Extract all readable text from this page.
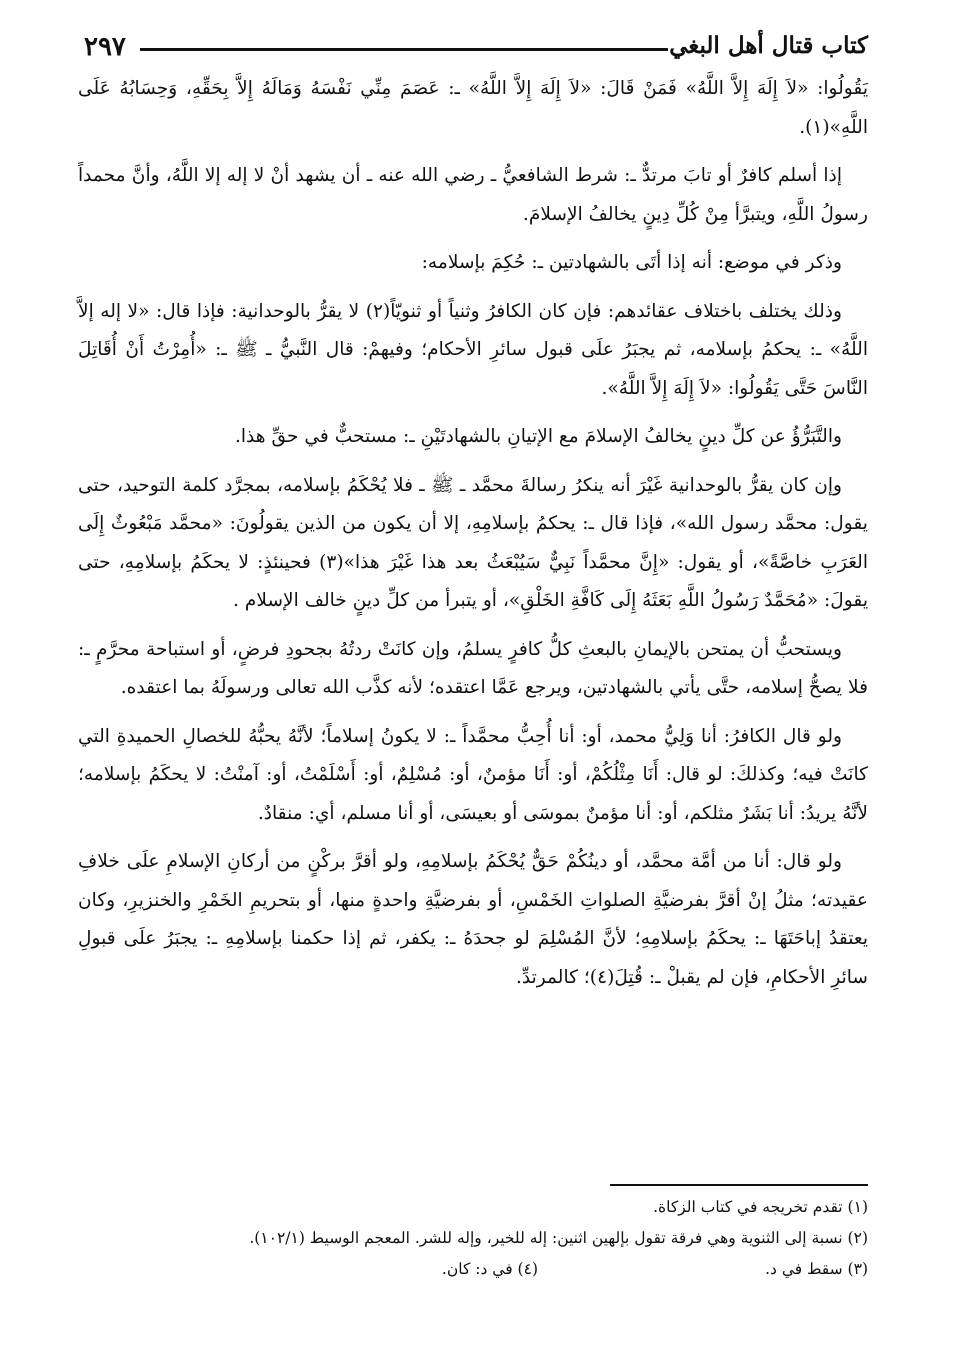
٢٩٧	كتاب قتال أهل البغي

يَقُولُوا: «لاَ إِلَهَ إِلاَّ اللَّهُ» فَمَنْ قَالَ: «لاَ إِلَهَ إِلاَّ اللَّهُ» ـ: عَصَمَ مِنِّي نَفْسَهُ وَمَالَهُ إِلاَّ بِحَقِّهِ، وَحِسَابُهُ عَلَى اللَّهِ»(١).

إذا أسلم كافرٌ أو تابَ مرتدٌّ ـ: شرط الشافعيُّ ـ رضي الله عنه ـ أن يشهد أنْ لا إله إلا اللَّهُ، وأنَّ محمداً رسولُ اللَّهِ، ويتبرَّأ مِنْ كُلِّ دِينٍ يخالفُ الإسلامَ.

وذكر في موضع: أنه إذا أتَى بالشهادتين ـ: حُكِمَ بإسلامه:

وذلك يختلف باختلاف عقائدهم: فإن كان الكافرُ وثنياً أو ثنويّاً(٢) لا يقرُّ بالوحدانية: فإذا قال: «لا إله إلاَّ اللَّهُ» ـ: يحكمُ بإسلامه، ثم يجبَرُ علَى قبول سائرِ الأحكام؛ وفيهمْ: قال النَّبيُّ ـ ﷺ ـ: «أُمِرْتُ أَنْ أُقَاتِلَ النَّاسَ حَتَّى يَقُولُوا: «لاَ إِلَهَ إِلاَّ اللَّهُ».

والتَّبَرُّؤُ عن كلِّ دينٍ يخالفُ الإسلامَ مع الإتيانِ بالشهادتَيْنِ ـ: مستحبٌّ في حقِّ هذا.

وإن كان يقرُّ بالوحدانية غَيْرَ أنه ينكرُ رسالةَ محمَّد ـ ﷺ ـ فلا يُحْكَمُ بإسلامه، بمجرَّد كلمة التوحيد، حتى يقول: محمَّد رسول الله»، فإذا قال ـ: يحكمُ بإسلامِهِ، إلا أن يكون من الذين يقولُونَ: «محمَّد مَبْعُوثٌ إِلَى العَرَبِ خاصَّةً»، أو يقول: «إِنَّ محمَّداً نَبِيٌّ سَيُبْعَثُ بعد هذا غَيْرَ هذا»(٣) فحينئذٍ: لا يحكَمُ بإسلامِهِ، حتى يقولَ: «مُحَمَّدٌ رَسُولُ اللَّهِ بَعَثَهُ إِلَى كَافَّةِ الخَلْقِ»، أو يتبرأ من كلِّ دينٍ خالف الإسلام .

ويستحبُّ أن يمتحن بالإيمانِ بالبعثِ كلُّ كافرٍ يسلمُ، وإن كانَتْ ردتُهُ بجحودِ فرضٍ، أو استباحة محرَّمٍ ـ: فلا يصحُّ إسلامه، حتَّى يأتي بالشهادتين، ويرجع عَمَّا اعتقده؛ لأنه كذَّب الله تعالى ورسولَهُ بما اعتقده.

ولو قال الكافرُ: أنا وَلِيُّ محمد، أو: أنا أُحِبُّ محمَّداً ـ: لا يكونُ إسلاماً؛ لأنَّهُ يحبُّهُ للخصالِ الحميدةِ التي كانَتْ فيه؛ وكذلكَ: لو قال: أَنَا مِثْلُكُمْ، أو: أَنَا مؤمنٌ، أو: مُسْلِمٌ، أو: أَسْلَمْتُ، أو: آمنْتُ: لا يحكَمُ بإسلامه؛ لأنَّهُ يريدُ: أنا بَشَرٌ مثلكم، أو: أنا مؤمنٌ بموسَى أو بعيسَى، أو أنا مسلم، أي: منقادٌ.

ولو قال: أنا من أمَّة محمَّد، أو دينُكُمْ حَقٌّ يُحْكَمُ بإسلامِهِ، ولو أقرَّ بركْنٍ من أركانِ الإسلامِ علَى خلافِ عقيدته؛ مثلُ إنْ أقرَّ بفرضيَّةِ الصلواتِ الخَمْسِ، أو بفرضيَّةِ واحدةٍ منها، أو بتحريمِ الخَمْرِ والخنزيرِ، وكان يعتقدُ إباحَتَهَا ـ: يحكَمُ بإسلامِهِ؛ لأنَّ المُسْلِمَ لو جحدَهُ ـ: يكفر، ثم إذا حكمنا بإسلامِهِ ـ: يجبَرُ علَى قبولِ سائرِ الأحكامِ، فإن لم يقبلْ ـ: قُتِلَ(٤)؛ كالمرتدِّ.

(١) تقدم تخريجه في كتاب الزكاة.

(٢) نسبة إلى الثنوية وهي فرقة تقول بإلهين اثنين: إله للخير، وإله للشر. المعجم الوسيط (١٠٢/١).

(٣) سقط في د.
(٤) في د: كان.
